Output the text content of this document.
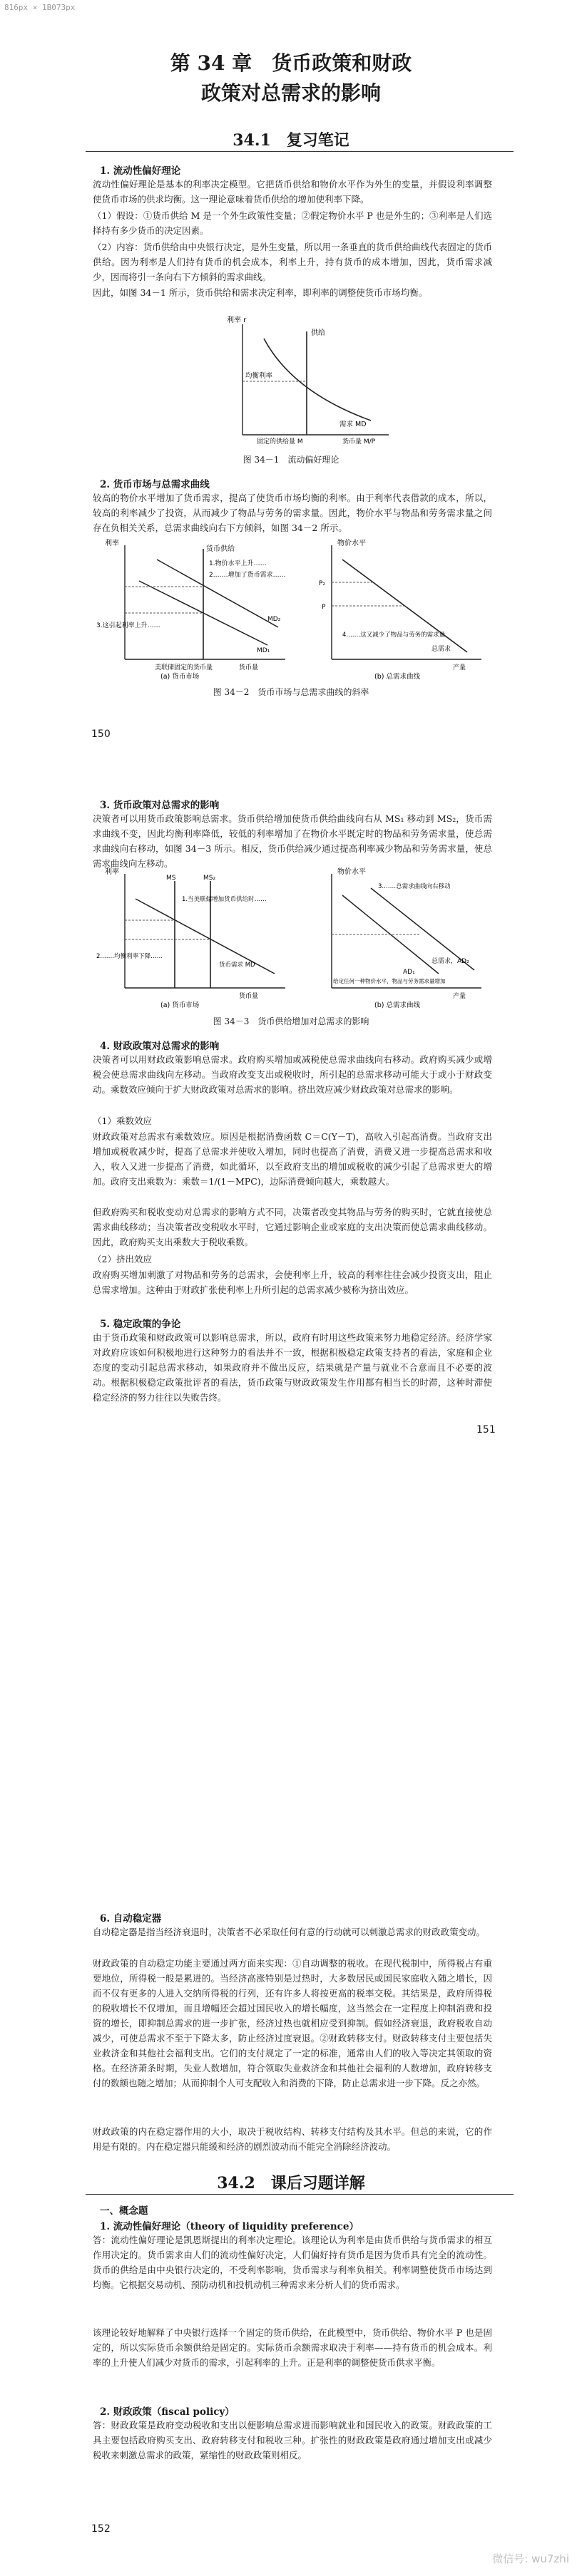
816px × 1B073px
第 34 章　货币政策和财政
政策对总需求的影响
34.1　复习笔记
1. 流动性偏好理论
流动性偏好理论是基本的利率决定模型。它把货币供给和物价水平作为外生的变量，并假设利率调整使货币市场的供求均衡。这一理论意味着货币供给的增加使利率下降。
（1）假设：①货币供给 M 是一个外生政策性变量；②假定物价水平 P 也是外生的；③利率是人们选择持有多少货币的决定因素。
（2）内容：货币供给由中央银行决定，是外生变量，所以用一条垂直的货币供给曲线代表固定的货币供给。因为利率是人们持有货币的机会成本，利率上升，持有货币的成本增加，因此，货币需求减少，因而将引一条向右下方倾斜的需求曲线。
因此，如图 34－1 所示，货币供给和需求决定利率，即利率的调整使货币市场均衡。
利率 r
供给
均衡利率
需求 MD
固定的供给量 M	货币量 M/P
图 34－1　流动偏好理论
2. 货币市场与总需求曲线
较高的物价水平增加了货币需求，提高了使货币市场均衡的利率。由于利率代表借款的成本，所以，较高的利率减少了投资，从而减少了物品与劳务的需求量。因此，物价水平与物品和劳务需求量之间存在负相关关系，总需求曲线向右下方倾斜，如图 34－2 所示。
利率
货币供给
1.物价水平上升……
2.……增加了货币需求……
MD₁
MD₂
3.这引起利率上升……
货币量
美联储固定的货币量
(a) 货币市场
物价水平
P₂
P
总需求
4.……这又减少了物品与劳务的需求量
产量
(b) 总需求曲线
图 34－2　货币市场与总需求曲线的斜率
150
3. 货币政策对总需求的影响
决策者可以用货币政策影响总需求。货币供给增加使货币供给曲线向右从 MS₁ 移动到 MS₂，货币需求曲线不变，因此均衡利率降低，较低的利率增加了在物价水平既定时的物品和劳务需求量，使总需求曲线向右移动，如图 34－3 所示。相反，货币供给减少通过提高利率减少物品和劳务需求量，使总需求曲线向左移动。
利率
MS	MS₂
1.当美联储增加货币供给时……
货币需求 MD
2.……均衡利率下降……
货币量
(a) 货币市场
物价水平
3.……总需求曲线向右移动
AD₁
总需求，AD₂
给定任何一种物价水平，物品与劳务需求量增加
产量
(b) 总需求曲线
图 34－3　货币供给增加对总需求的影响
4. 财政政策对总需求的影响
决策者可以用财政政策影响总需求。政府购买增加或减税使总需求曲线向右移动。政府购买减少或增税会使总需求曲线向左移动。当政府改变支出或税收时，所引起的总需求移动可能大于或小于财政变动。乘数效应倾向于扩大财政政策对总需求的影响。挤出效应减少财政政策对总需求的影响。
（1）乘数效应
财政政策对总需求有乘数效应。原因是根据消费函数 C＝C(Y－T)，高收入引起高消费。当政府支出增加或税收减少时，提高了总需求并使收入增加，同时也提高了消费，消费又进一步提高总需求和收入，收入又进一步提高了消费，如此循环，以至政府支出的增加或税收的减少引起了总需求更大的增加。政府支出乘数为：乘数＝1/(1－MPC)，边际消费倾向越大，乘数越大。
但政府购买和税收变动对总需求的影响方式不同，决策者改变其物品与劳务的购买时，它就直接使总需求曲线移动；当决策者改变税收水平时，它通过影响企业或家庭的支出决策而使总需求曲线移动。因此，政府购买支出乘数大于税收乘数。
（2）挤出效应
政府购买增加刺激了对物品和劳务的总需求，会使利率上升，较高的利率往往会减少投资支出，阻止总需求增加。这种由于财政扩张使利率上升所引起的总需求减少被称为挤出效应。
5. 稳定政策的争论
由于货币政策和财政政策可以影响总需求，所以，政府有时用这些政策来努力地稳定经济。经济学家对政府应该如何积极地进行这种努力的看法并不一致，根据积极稳定政策支持者的看法，家庭和企业态度的变动引起总需求移动，如果政府并不做出反应，结果就是产量与就业不合意而且不必要的波动。根据积极稳定政策批评者的看法，货币政策与财政政策发生作用都有相当长的时滞，这种时滞使稳定经济的努力往往以失败告终。
151
6. 自动稳定器
自动稳定器是指当经济衰退时，决策者不必采取任何有意的行动就可以刺激总需求的财政政策变动。
财政政策的自动稳定功能主要通过两方面来实现：①自动调整的税收。在现代税制中，所得税占有重要地位，所得税一般是累进的。当经济高涨特别是过热时，大多数居民或国民家庭收入随之增长，因而不仅有更多的人进入交纳所得税的行列，还有许多人将按更高的税率交税。其结果是，政府所得税的税收增长不仅增加，而且增幅还会超过国民收入的增长幅度，这当然会在一定程度上抑制消费和投资的增长，即抑制总需求的进一步扩张，经济过热也就相应受到抑制。假如经济衰退，政府税收自动减少，可使总需求不至于下降太多，防止经济过度衰退。②财政转移支付。财政转移支付主要包括失业救济金和其他社会福利支出。它们的支付规定了一定的标准，通常由人们的收入等决定其领取的资格。在经济萧条时期，失业人数增加，符合领取失业救济金和其他社会福利的人数增加，政府转移支付的数额也随之增加；从而抑制个人可支配收入和消费的下降，防止总需求进一步下降。反之亦然。
财政政策的内在稳定器作用的大小，取决于税收结构、转移支付结构及其水平。但总的来说，它的作用是有限的。内在稳定器只能缓和经济的剧烈波动而不能完全消除经济波动。
34.2　课后习题详解
一、概念题
1. 流动性偏好理论（theory of liquidity preference）
答：流动性偏好理论是凯恩斯提出的利率决定理论。该理论认为利率是由货币供给与货币需求的相互作用决定的。货币需求由人们的流动性偏好决定，人们偏好持有货币是因为货币具有完全的流动性。货币的供给是由中央银行决定的，不受利率影响，货币需求与利率负相关。利率调整使货币市场达到均衡。它根据交易动机、预防动机和投机动机三种需求来分析人们的货币需求。
该理论较好地解释了中央银行选择一个固定的货币供给，在此模型中，货币供给、物价水平 P 也是固定的，所以实际货币余额供给是固定的。实际货币余额需求取决于利率——持有货币的机会成本。利率的上升使人们减少对货币的需求，引起利率的上升。正是利率的调整使货币供求平衡。
2. 财政政策（fiscal policy）
答：财政政策是政府变动税收和支出以便影响总需求进而影响就业和国民收入的政策。财政政策的工具主要包括政府购买支出、政府转移支付和税收三种。扩张性的财政政策是政府通过增加支出或减少税收来刺激总需求的政策，紧缩性的财政政策则相反。
152
微信号: wu7zhi
